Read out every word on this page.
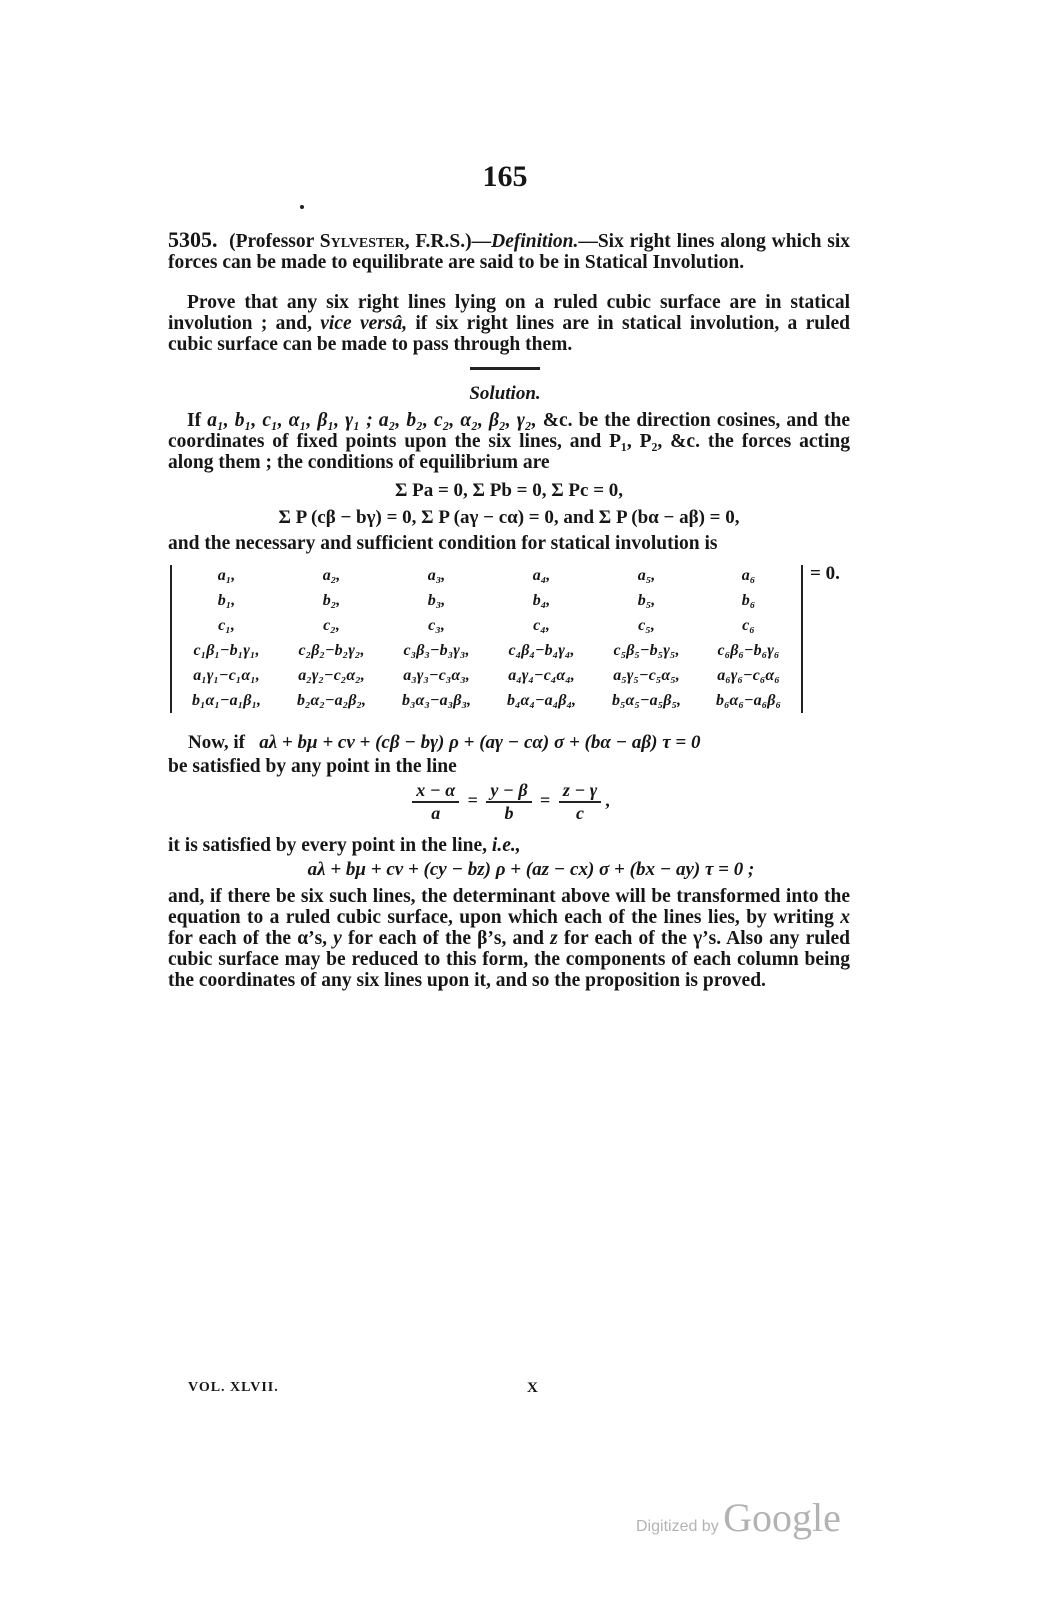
165
5305. (Professor Sylvester, F.R.S.)—Definition.—Six right lines along which six forces can be made to equilibrate are said to be in Statical Involution.
Prove that any six right lines lying on a ruled cubic surface are in statical involution ; and, vice versâ, if six right lines are in statical involution, a ruled cubic surface can be made to pass through them.
Solution.
If a₁, b₁, c₁, α₁, β₁, γ₁ ; a₂, b₂, c₂, α₂, β₂, γ₂, &c. be the direction cosines, and the coordinates of fixed points upon the six lines, and P₁, P₂, &c. the forces acting along them ; the conditions of equilibrium are
Σ Pa = 0, Σ Pb = 0, Σ Pc = 0,
Σ P (cβ − bγ) = 0, Σ P (aγ − cα) = 0, and Σ P (bα − aβ) = 0,
and the necessary and sufficient condition for statical involution is
a₁,	a₂,	a₃,	a₄,	a₅,	a₆
b₁,	b₂,	b₃,	b₄,	b₅,	b₆
c₁,	c₂,	c₃,	c₄,	c₅,	c₆
c₁β₁−b₁γ₁,	c₂β₂−b₂γ₂,	c₃β₃−b₃γ₃,	c₄β₄−b₄γ₄,	c₅β₅−b₅γ₅,	c₆β₆−b₆γ₆
a₁γ₁−c₁α₁,	a₂γ₂−c₂α₂,	a₃γ₃−c₃α₃,	a₄γ₄−c₄α₄,	a₅γ₅−c₅α₅,	a₆γ₆−c₆α₆
b₁α₁−a₁β₁,	b₂α₂−a₂β₂,	b₃α₃−a₃β₃,	b₄α₄−a₄β₄,	b₅α₅−a₅β₅,	b₆α₆−a₆β₆
= 0.
Now, if aλ + bμ + cν + (cβ − bγ) ρ + (aγ − cα) σ + (bα − aβ) τ = 0
be satisfied by any point in the line
$\frac{x - \alpha}{a} = \frac{y - \beta}{b} = \frac{z - \gamma}{c}$ ,
it is satisfied by every point in the line, i.e.,
aλ + bμ + cν + (cy − bz) ρ + (az − cx) σ + (bx − ay) τ = 0 ;
and, if there be six such lines, the determinant above will be transformed into the equation to a ruled cubic surface, upon which each of the lines lies, by writing x for each of the α’s, y for each of the β’s, and z for each of the γ’s. Also any ruled cubic surface may be reduced to this form, the components of each column being the coordinates of any six lines upon it, and so the proposition is proved.
VOL. XLVII.	X
Digitized by Google
